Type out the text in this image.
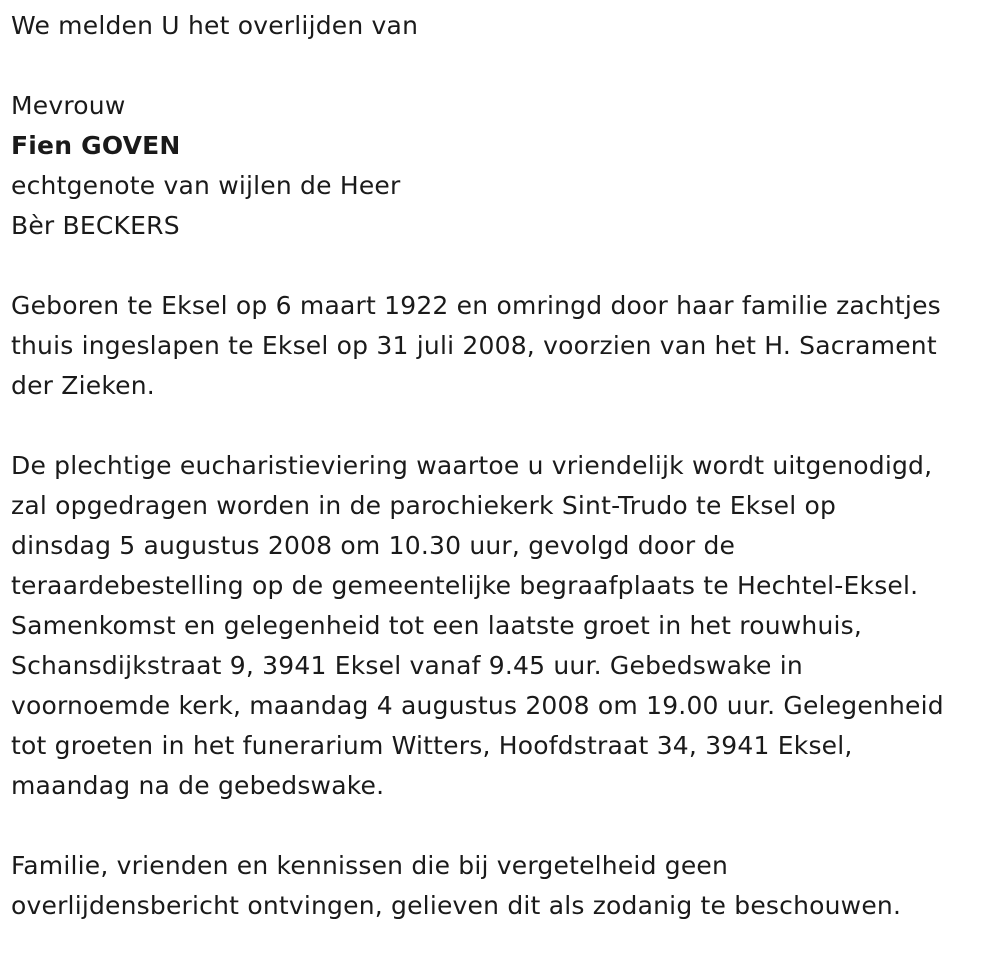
We melden U het overlijden van
Mevrouw
Fien GOVEN
echtgenote van wijlen de Heer
Bèr BECKERS
Geboren te Eksel op 6 maart 1922 en omringd door haar familie zachtjes
thuis ingeslapen te Eksel op 31 juli 2008, voorzien van het H. Sacrament
der Zieken.
De plechtige eucharistieviering waartoe u vriendelijk wordt uitgenodigd,
zal opgedragen worden in de parochiekerk Sint-Trudo te Eksel op
dinsdag 5 augustus 2008 om 10.30 uur, gevolgd door de
teraardebestelling op de gemeentelijke begraafplaats te Hechtel-Eksel.
Samenkomst en gelegenheid tot een laatste groet in het rouwhuis,
Schansdijkstraat 9, 3941 Eksel vanaf 9.45 uur. Gebedswake in
voornoemde kerk, maandag 4 augustus 2008 om 19.00 uur. Gelegenheid
tot groeten in het funerarium Witters, Hoofdstraat 34, 3941 Eksel,
maandag na de gebedswake.
Familie, vrienden en kennissen die bij vergetelheid geen
overlijdensbericht ontvingen, gelieven dit als zodanig te beschouwen.
